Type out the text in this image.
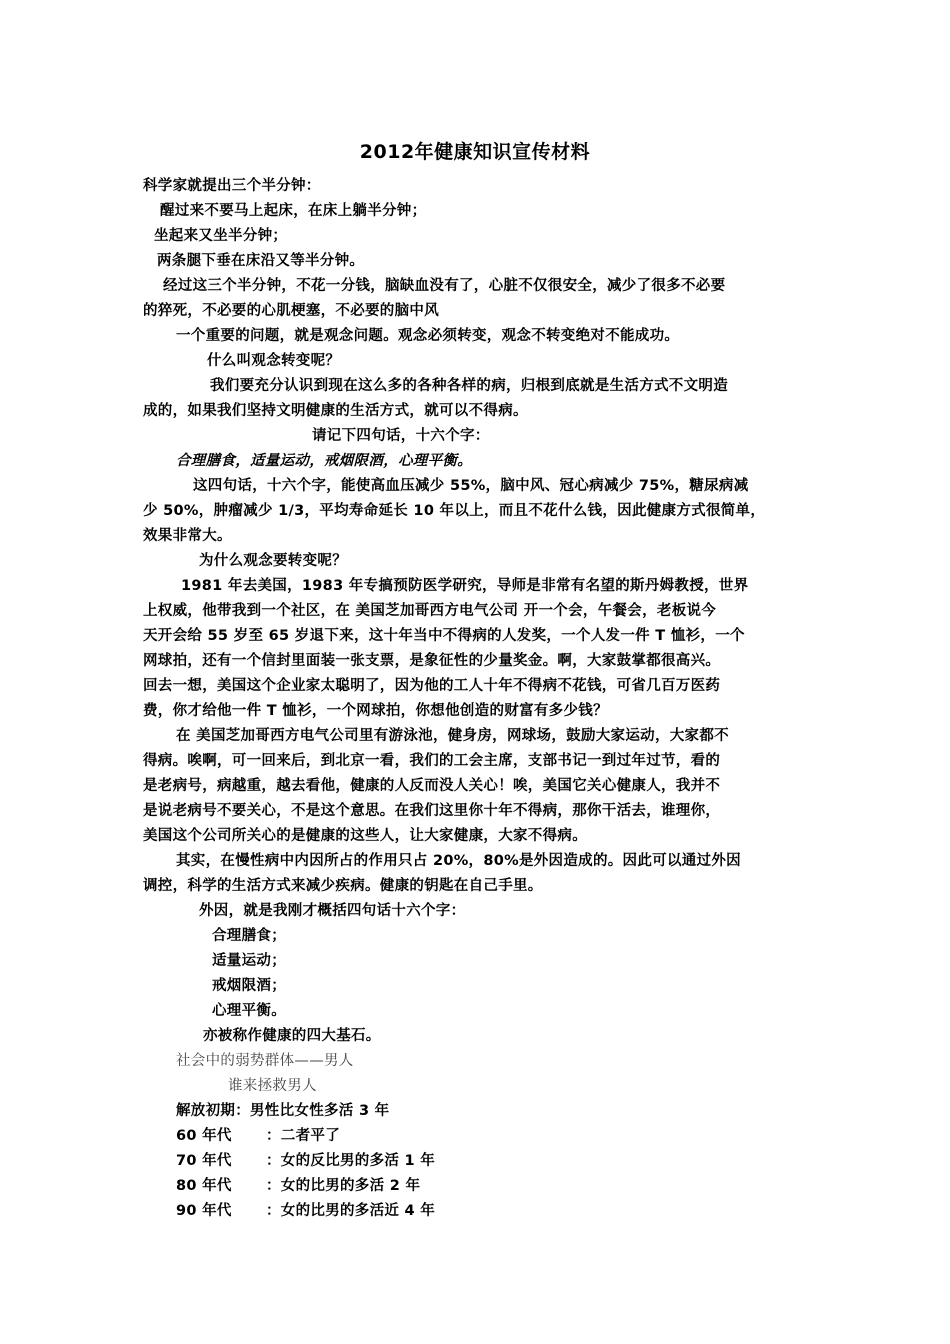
2012年健康知识宣传材料
科学家就提出三个半分钟：
醒过来不要马上起床，在床上躺半分钟；
坐起来又坐半分钟；
两条腿下垂在床沿又等半分钟。
经过这三个半分钟，不花一分钱，脑缺血没有了，心脏不仅很安全，减少了很多不必要
的猝死，不必要的心肌梗塞，不必要的脑中风
一个重要的问题，就是观念问题。观念必须转变，观念不转变绝对不能成功。
什么叫观念转变呢？
我们要充分认识到现在这么多的各种各样的病，归根到底就是生活方式不文明造
成的，如果我们坚持文明健康的生活方式，就可以不得病。
请记下四句话，十六个字：
合理膳食，适量运动，戒烟限酒，心理平衡。
这四句话，十六个字，能使高血压减少 55%，脑中风、冠心病减少 75%，糖尿病减
少 50%，肿瘤减少 1/3，平均寿命延长 10 年以上，而且不花什么钱，因此健康方式很简单，
效果非常大。
为什么观念要转变呢？
1981 年去美国，1983 年专搞预防医学研究，导师是非常有名望的斯丹姆教授，世界
上权威，他带我到一个社区，在 美国芝加哥西方电气公司 开一个会，午餐会，老板说今
天开会给 55 岁至 65 岁退下来，这十年当中不得病的人发奖，一个人发一件 T 恤衫，一个
网球拍，还有一个信封里面装一张支票，是象征性的少量奖金。啊，大家鼓掌都很高兴。
回去一想，美国这个企业家太聪明了，因为他的工人十年不得病不花钱，可省几百万医药
费，你才给他一件 T 恤衫，一个网球拍，你想他创造的财富有多少钱？
在 美国芝加哥西方电气公司里有游泳池，健身房，网球场，鼓励大家运动，大家都不
得病。唉啊，可一回来后，到北京一看，我们的工会主席，支部书记一到过年过节，看的
是老病号，病越重，越去看他，健康的人反而没人关心！唉，美国它关心健康人，我并不
是说老病号不要关心，不是这个意思。在我们这里你十年不得病，那你干活去，谁理你，
美国这个公司所关心的是健康的这些人，让大家健康，大家不得病。
其实，在慢性病中内因所占的作用只占 20%，80%是外因造成的。因此可以通过外因
调控，科学的生活方式来减少疾病。健康的钥匙在自己手里。
外因，就是我刚才概括四句话十六个字：
合理膳食；
适量运动；
戒烟限酒；
心理平衡。
亦被称作健康的四大基石。
社会中的弱势群体——男人
谁来拯救男人
解放初期：男性比女性多活 3 年
60 年代 ：二者平了
70 年代 ：女的反比男的多活 1 年
80 年代 ：女的比男的多活 2 年
90 年代 ：女的比男的多活近 4 年
